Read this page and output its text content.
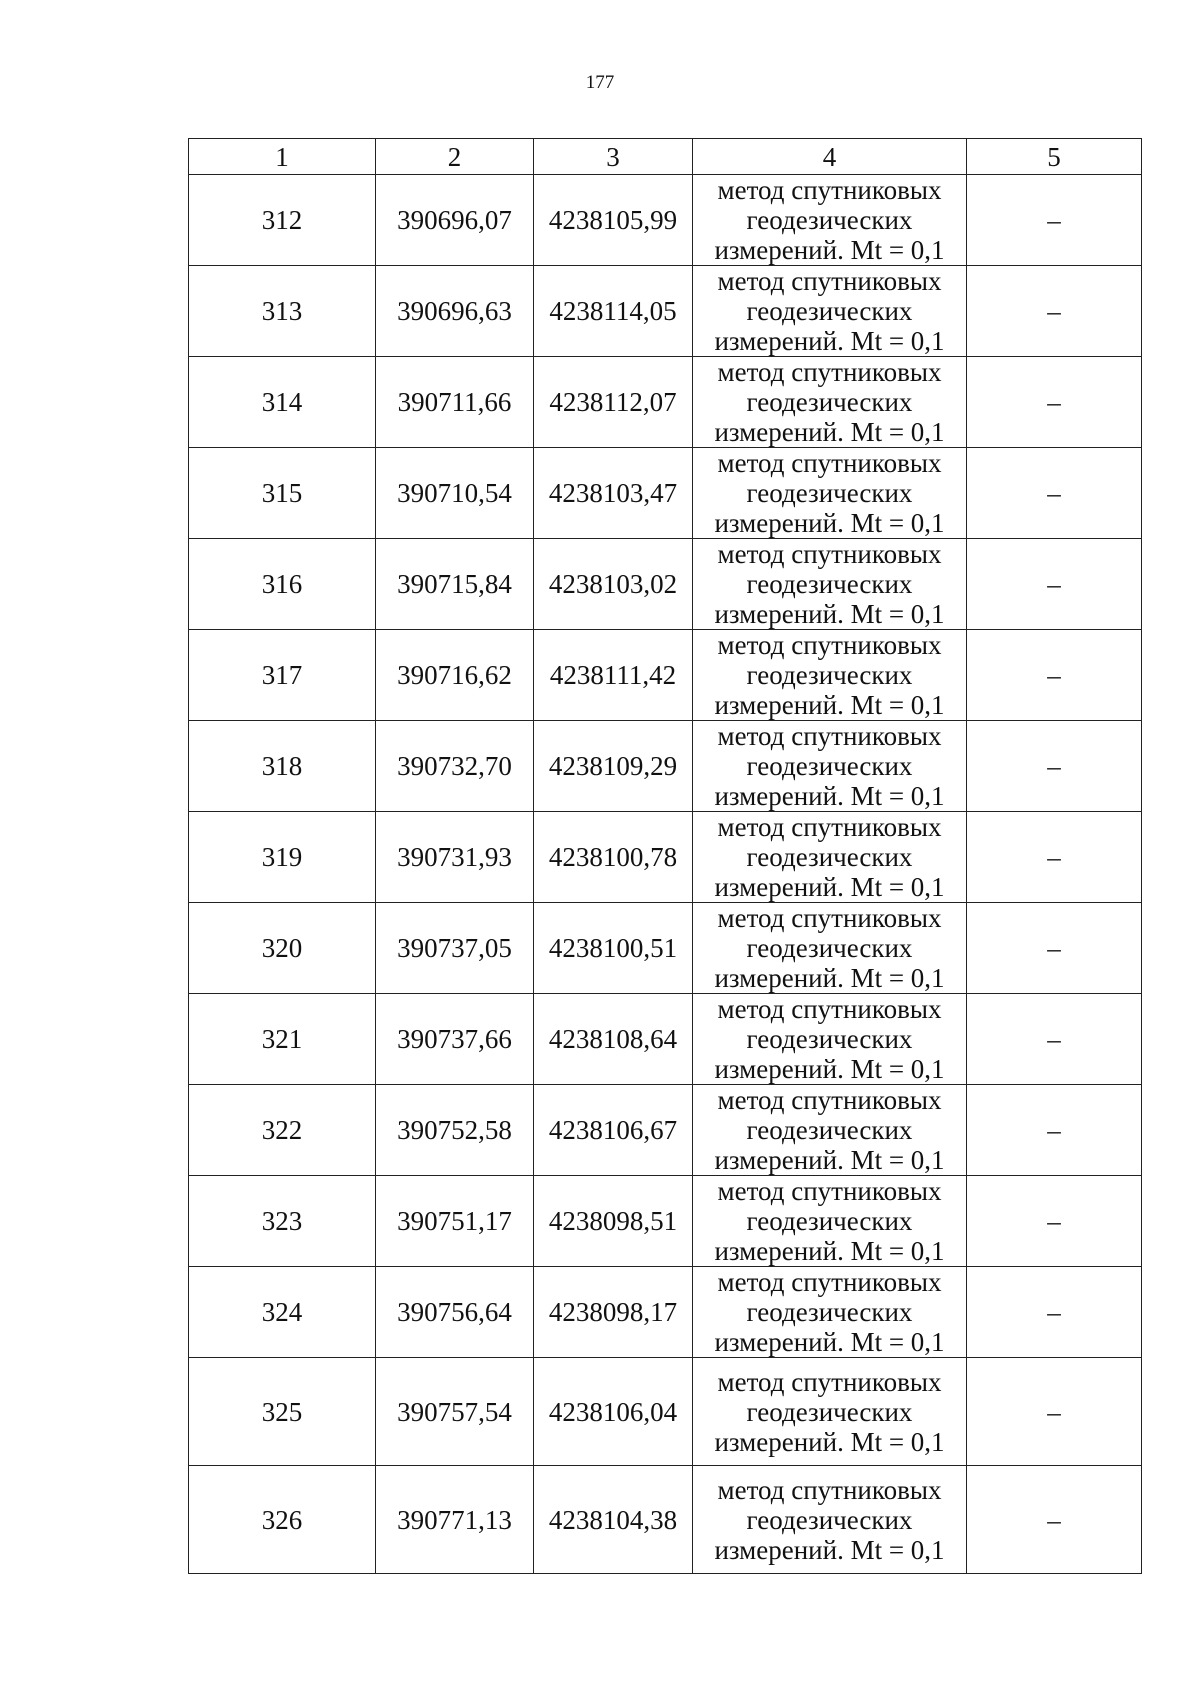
177
1	2	3	4	5
312	390696,07	4238105,99	метод спутниковых
геодезических
измерений. Mt = 0,1	–
313	390696,63	4238114,05	метод спутниковых
геодезических
измерений. Mt = 0,1	–
314	390711,66	4238112,07	метод спутниковых
геодезических
измерений. Mt = 0,1	–
315	390710,54	4238103,47	метод спутниковых
геодезических
измерений. Mt = 0,1	–
316	390715,84	4238103,02	метод спутниковых
геодезических
измерений. Mt = 0,1	–
317	390716,62	4238111,42	метод спутниковых
геодезических
измерений. Mt = 0,1	–
318	390732,70	4238109,29	метод спутниковых
геодезических
измерений. Mt = 0,1	–
319	390731,93	4238100,78	метод спутниковых
геодезических
измерений. Mt = 0,1	–
320	390737,05	4238100,51	метод спутниковых
геодезических
измерений. Mt = 0,1	–
321	390737,66	4238108,64	метод спутниковых
геодезических
измерений. Mt = 0,1	–
322	390752,58	4238106,67	метод спутниковых
геодезических
измерений. Mt = 0,1	–
323	390751,17	4238098,51	метод спутниковых
геодезических
измерений. Mt = 0,1	–
324	390756,64	4238098,17	метод спутниковых
геодезических
измерений. Mt = 0,1	–
325	390757,54	4238106,04	метод спутниковых
геодезических
измерений. Mt = 0,1	–
326	390771,13	4238104,38	метод спутниковых
геодезических
измерений. Mt = 0,1	–
